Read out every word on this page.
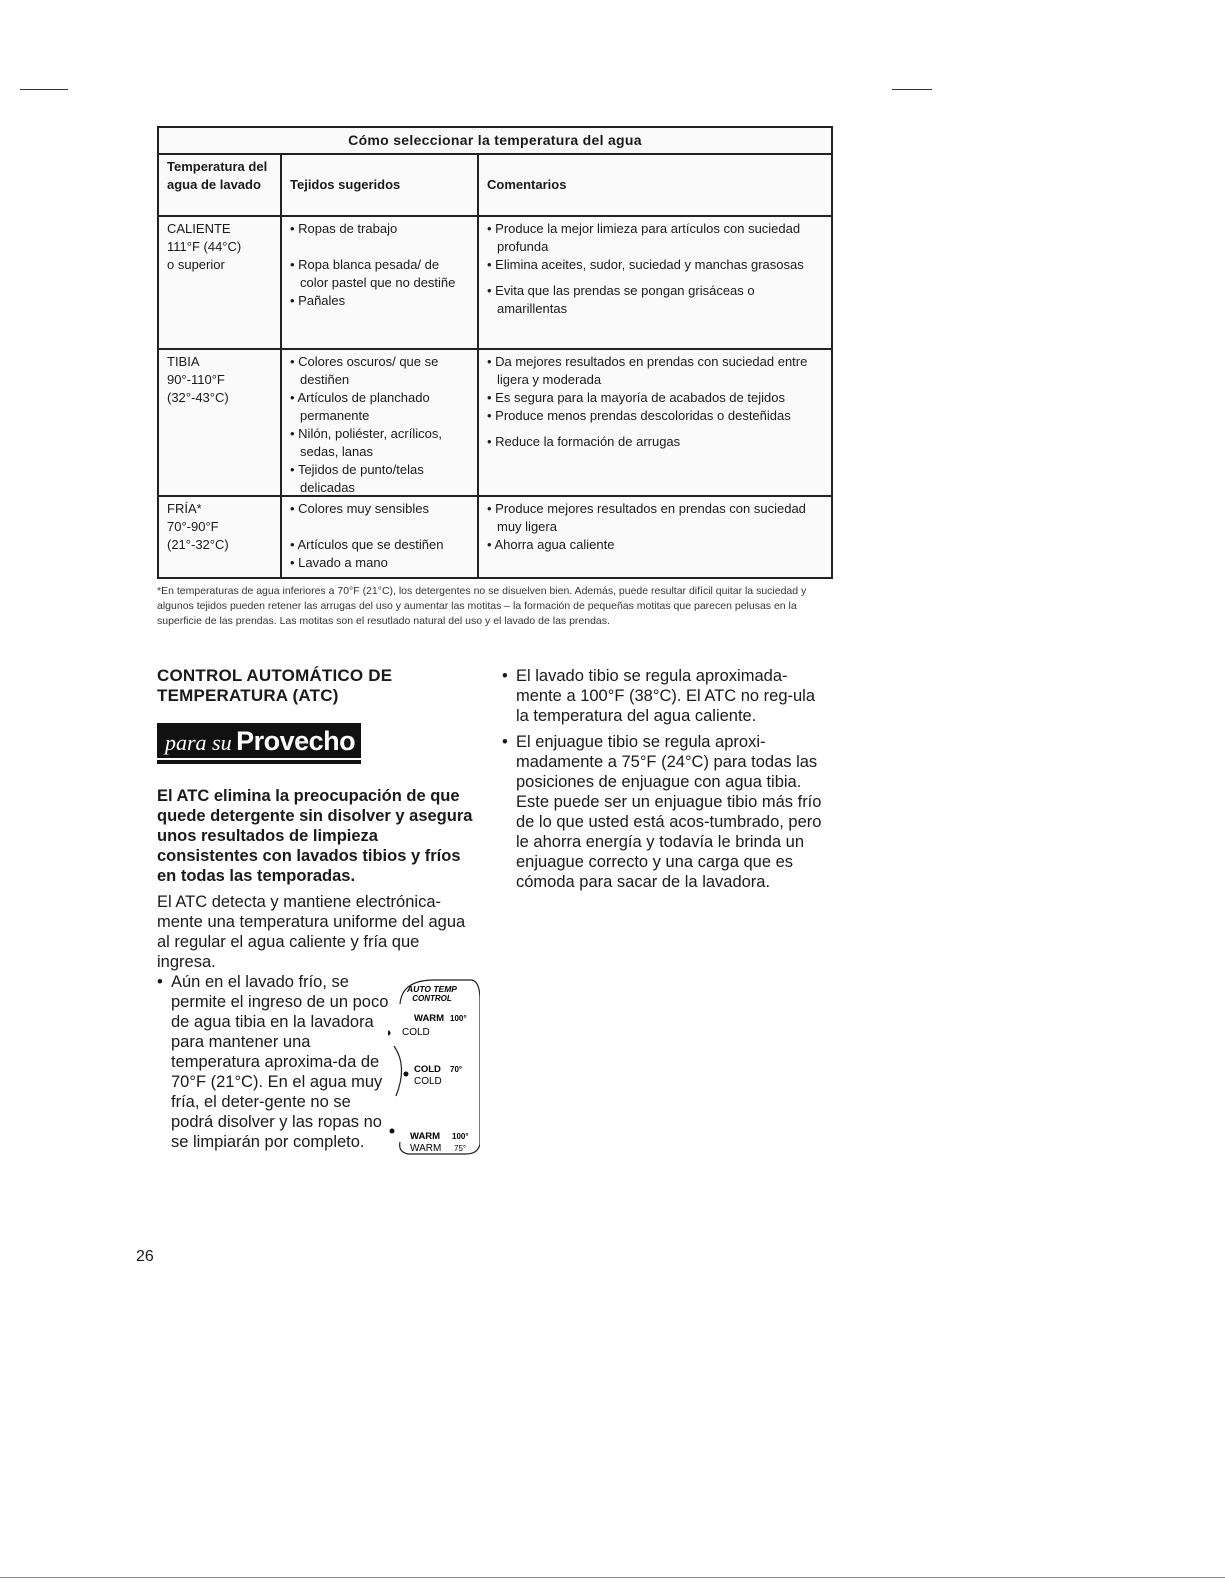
Cómo seleccionar la temperatura del agua
Temperatura del agua de lavado	Tejidos sugeridos	Comentarios
CALIENTE
111°F (44°C)
o superior
• Ropas de trabajo
• Ropa blanca pesada/ de color pastel que no destiñe
• Pañales
• Produce la mejor limieza para artículos con suciedad profunda
• Elimina aceites, sudor, suciedad y manchas grasosas
• Evita que las prendas se pongan grisáceas o amarillentas
TIBIA
90°-110°F
(32°-43°C)
• Colores oscuros/ que se destiñen
• Artículos de planchado permanente
• Nilón, poliéster, acrílicos, sedas, lanas
• Tejidos de punto/telas delicadas
• Da mejores resultados en prendas con suciedad entre ligera y moderada
• Es segura para la mayoría de acabados de tejidos
• Produce menos prendas descoloridas o desteñidas
• Reduce la formación de arrugas
FRÍA*
70°-90°F
(21°-32°C)
• Colores muy sensibles
• Artículos que se destiñen
• Lavado a mano
• Produce mejores resultados en prendas con suciedad muy ligera
• Ahorra agua caliente
*En temperaturas de agua inferiores a 70°F (21°C), los detergentes no se disuelven bien. Además, puede resultar difícil quitar la suciedad y algunos tejidos pueden retener las arrugas del uso y aumentar las motitas – la formación de pequeñas motitas que parecen pelusas en la superficie de las prendas. Las motitas son el resutlado natural del uso y el lavado de las prendas.
CONTROL AUTOMÁTICO DE TEMPERATURA (ATC)
para su Provecho
El ATC elimina la preocupación de que quede detergente sin disolver y asegura unos resultados de limpieza consistentes con lavados tibios y fríos en todas las temporadas.
El ATC detecta y mantiene electrónica-mente una temperatura uniforme del agua al regular el agua caliente y fría que ingresa.
• Aún en el lavado frío, se permite el ingreso de un poco de agua tibia en la lavadora para mantener una temperatura aproxima-da de 70°F (21°C). En el agua muy fría, el deter-gente no se podrá disolver y las ropas no se limpiarán por completo.
AUTO TEMP
CONTROL
WARM 100°
COLD
COLD 70°
COLD
WARM 100°
WARM 75°
• El lavado tibio se regula aproximada-mente a 100°F (38°C). El ATC no reg-ula la temperatura del agua caliente.
• El enjuague tibio se regula aproxi-madamente a 75°F (24°C) para todas las posiciones de enjuague con agua tibia. Este puede ser un enjuague tibio más frío de lo que usted está acos-tumbrado, pero le ahorra energía y todavía le brinda un enjuague correcto y una carga que es cómoda para sacar de la lavadora.
26
